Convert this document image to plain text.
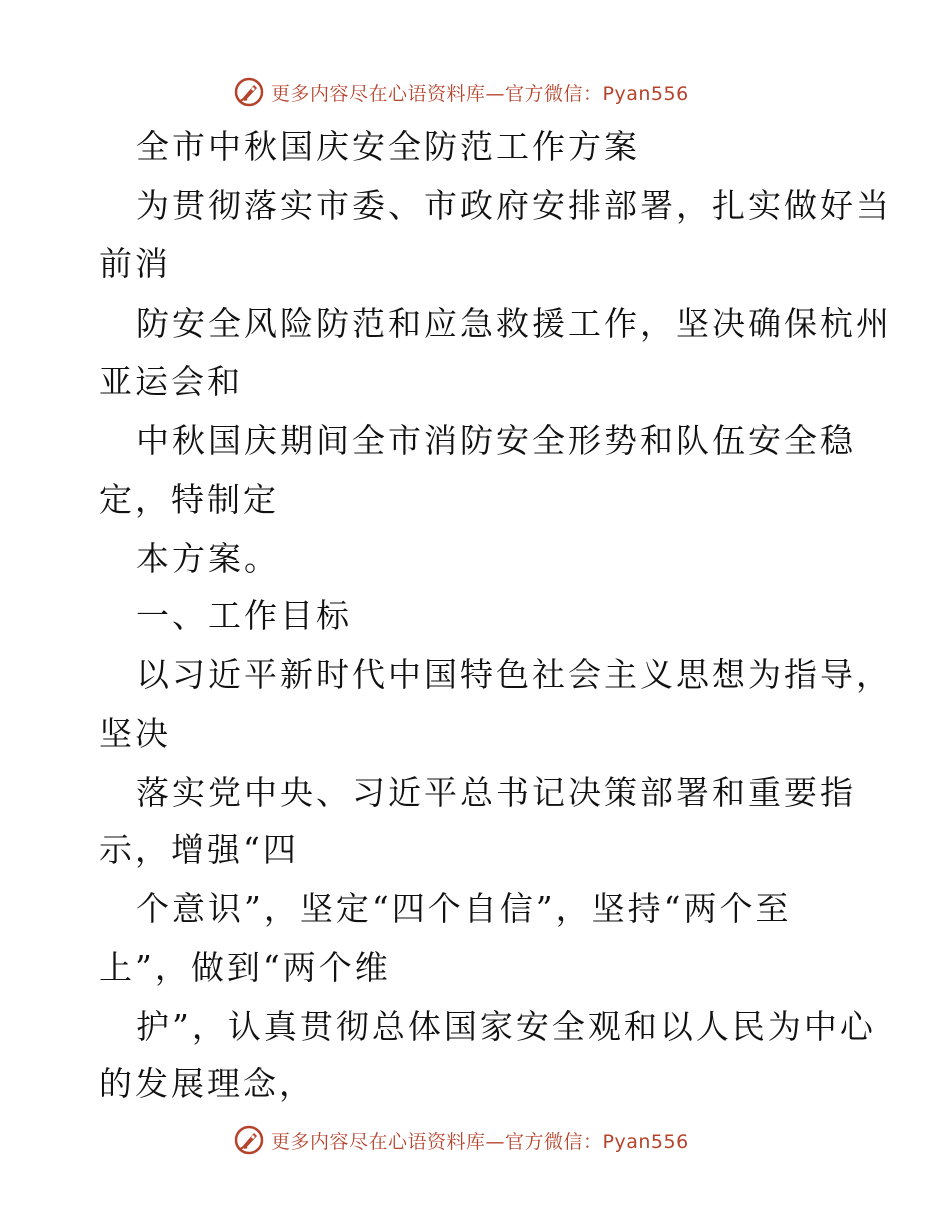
更多内容尽在心语资料库—官方微信：Pyan556
全市中秋国庆安全防范工作方案
为贯彻落实市委、市政府安排部署，扎实做好当
前消
防安全风险防范和应急救援工作，坚决确保杭州
亚运会和
中秋国庆期间全市消防安全形势和队伍安全稳
定，特制定
本方案。
一、工作目标
以习近平新时代中国特色社会主义思想为指导，
坚决
落实党中央、习近平总书记决策部署和重要指
示，增强“四
个意识”，坚定“四个自信”，坚持“两个至
上”，做到“两个维
护”，认真贯彻总体国家安全观和以人民为中心
的发展理念，
更多内容尽在心语资料库—官方微信：Pyan556
